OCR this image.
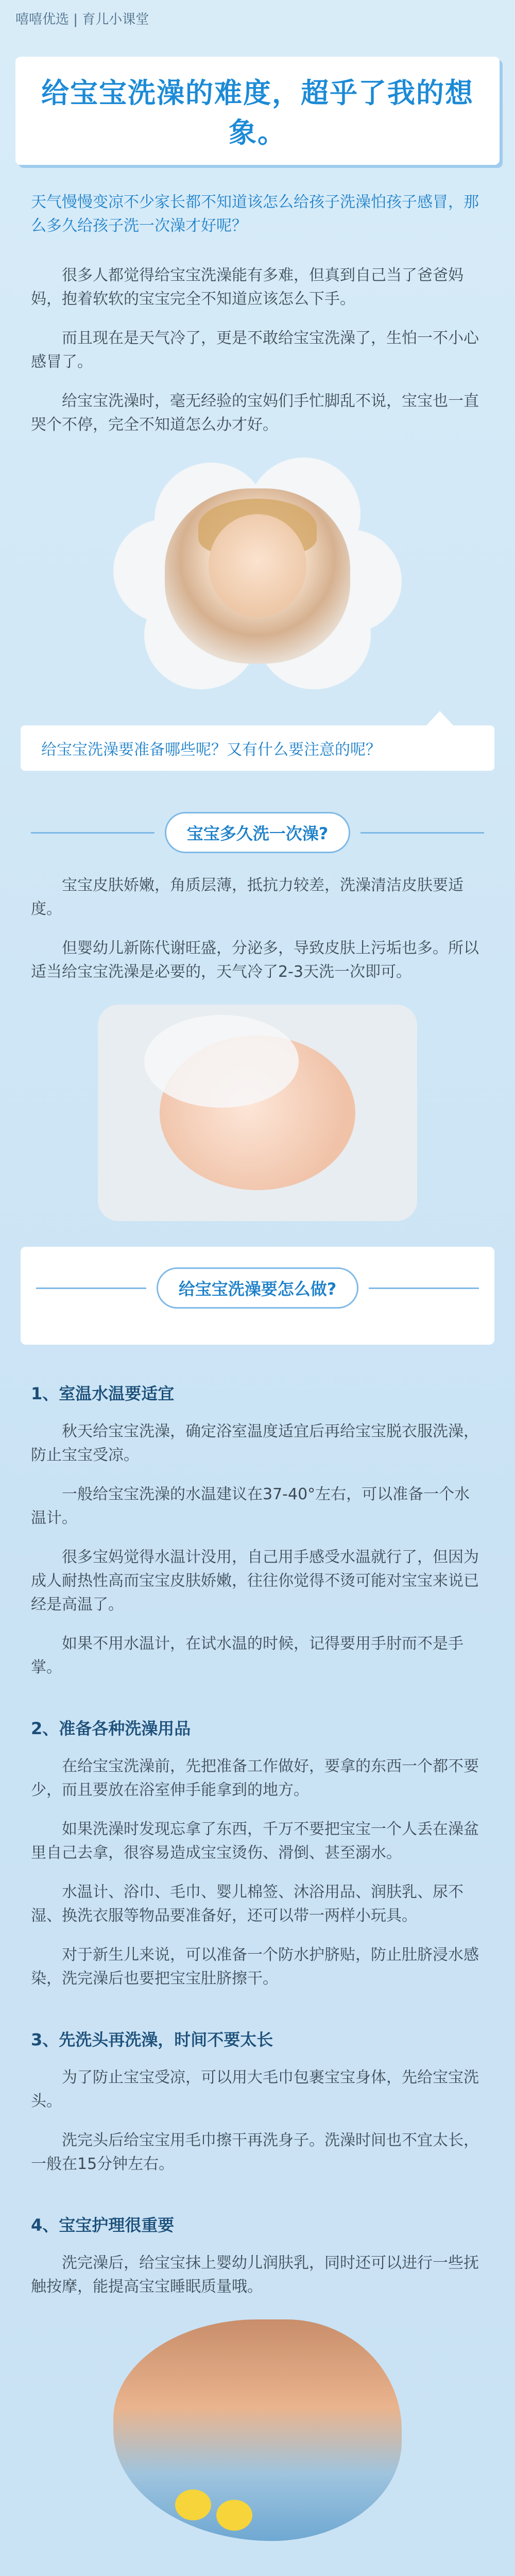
嘻嘻优选 | 育儿小课堂
给宝宝洗澡的难度，超乎了我的想象。
天气慢慢变凉不少家长都不知道该怎么给孩子洗澡怕孩子感冒，那么多久给孩子洗一次澡才好呢？

很多人都觉得给宝宝洗澡能有多难，但真到自己当了爸爸妈妈，抱着软软的宝宝完全不知道应该怎么下手。

而且现在是天气冷了，更是不敢给宝宝洗澡了，生怕一不小心感冒了。

给宝宝洗澡时，毫无经验的宝妈们手忙脚乱不说，宝宝也一直哭个不停，完全不知道怎么办才好。

给宝宝洗澡要准备哪些呢？又有什么要注意的呢？
宝宝多久洗一次澡?

宝宝皮肤娇嫩，角质层薄，抵抗力较差，洗澡清洁皮肤要适度。

但婴幼儿新陈代谢旺盛，分泌多，导致皮肤上污垢也多。所以适当给宝宝洗澡是必要的，天气冷了2-3天洗一次即可。

给宝宝洗澡要怎么做?
1、室温水温要适宜

秋天给宝宝洗澡，确定浴室温度适宜后再给宝宝脱衣服洗澡，防止宝宝受凉。

一般给宝宝洗澡的水温建议在37-40°左右，可以准备一个水温计。

很多宝妈觉得水温计没用，自己用手感受水温就行了，但因为成人耐热性高而宝宝皮肤娇嫩，往往你觉得不烫可能对宝宝来说已经是高温了。

如果不用水温计，在试水温的时候，记得要用手肘而不是手掌。

2、准备各种洗澡用品

在给宝宝洗澡前，先把准备工作做好，要拿的东西一个都不要少，而且要放在浴室伸手能拿到的地方。

如果洗澡时发现忘拿了东西，千万不要把宝宝一个人丢在澡盆里自己去拿，很容易造成宝宝烫伤、滑倒、甚至溺水。

水温计、浴巾、毛巾、婴儿棉签、沐浴用品、润肤乳、尿不湿、换洗衣服等物品要准备好，还可以带一两样小玩具。

对于新生儿来说，可以准备一个防水护脐贴，防止肚脐浸水感染，洗完澡后也要把宝宝肚脐擦干。

3、先洗头再洗澡，时间不要太长

为了防止宝宝受凉，可以用大毛巾包裹宝宝身体，先给宝宝洗头。

洗完头后给宝宝用毛巾擦干再洗身子。洗澡时间也不宜太长，一般在15分钟左右。

4、宝宝护理很重要

洗完澡后，给宝宝抹上婴幼儿润肤乳，同时还可以进行一些抚触按摩，能提高宝宝睡眠质量哦。
